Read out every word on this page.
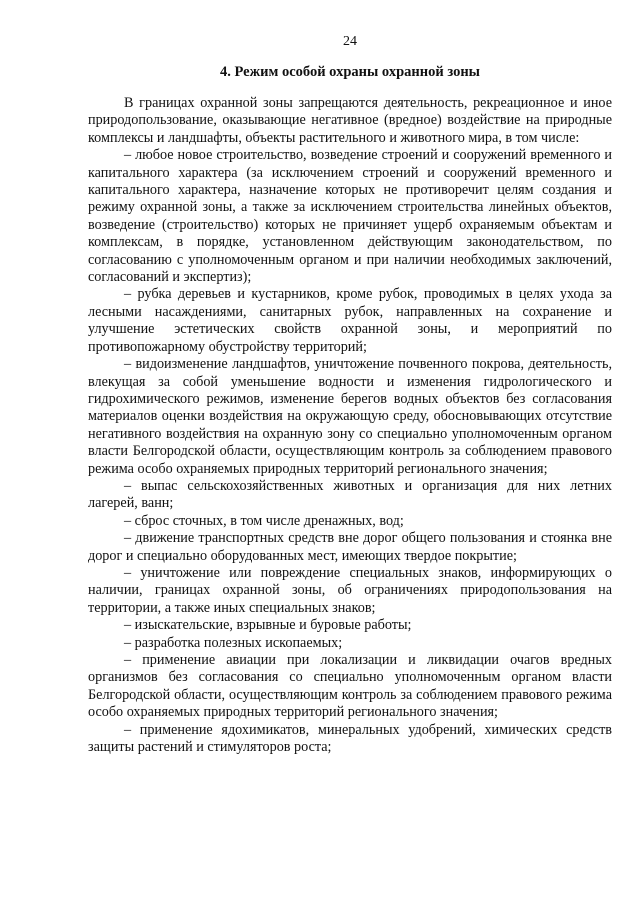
24
4. Режим особой охраны охранной зоны

В границах охранной зоны запрещаются деятельность, рекреационное и иное природопользование, оказывающие негативное (вредное) воздействие на природные комплексы и ландшафты, объекты растительного и животного мира, в том числе:

– любое новое строительство, возведение строений и сооружений временного и капитального характера (за исключением строений и сооружений временного и капитального характера, назначение которых не противоречит целям создания и режиму охранной зоны, а также за исключением строительства линейных объектов, возведение (строительство) которых не причиняет ущерб охраняемым объектам и комплексам, в порядке, установленном действующим законодательством, по согласованию с уполномоченным органом и при наличии необходимых заключений, согласований и экспертиз);

– рубка деревьев и кустарников, кроме рубок, проводимых в целях ухода за лесными насаждениями, санитарных рубок, направленных на сохранение и улучшение эстетических свойств охранной зоны, и мероприятий по противопожарному обустройству территорий;

– видоизменение ландшафтов, уничтожение почвенного покрова, деятельность, влекущая за собой уменьшение водности и изменения гидрологического и гидрохимического режимов, изменение берегов водных объектов без согласования материалов оценки воздействия на окружающую среду, обосновывающих отсутствие негативного воздействия на охранную зону со специально уполномоченным органом власти Белгородской области, осуществляющим контроль за соблюдением правового режима особо охраняемых природных территорий регионального значения;

– выпас сельскохозяйственных животных и организация для них летних лагерей, ванн;

– сброс сточных, в том числе дренажных, вод;

– движение транспортных средств вне дорог общего пользования и стоянка вне дорог и специально оборудованных мест, имеющих твердое покрытие;

– уничтожение или повреждение специальных знаков, информирующих о наличии, границах охранной зоны, об ограничениях природопользования на территории, а также иных специальных знаков;

– изыскательские, взрывные и буровые работы;

– разработка полезных ископаемых;

– применение авиации при локализации и ликвидации очагов вредных организмов без согласования со специально уполномоченным органом власти Белгородской области, осуществляющим контроль за соблюдением правового режима особо охраняемых природных территорий регионального значения;

– применение ядохимикатов, минеральных удобрений, химических средств защиты растений и стимуляторов роста;
